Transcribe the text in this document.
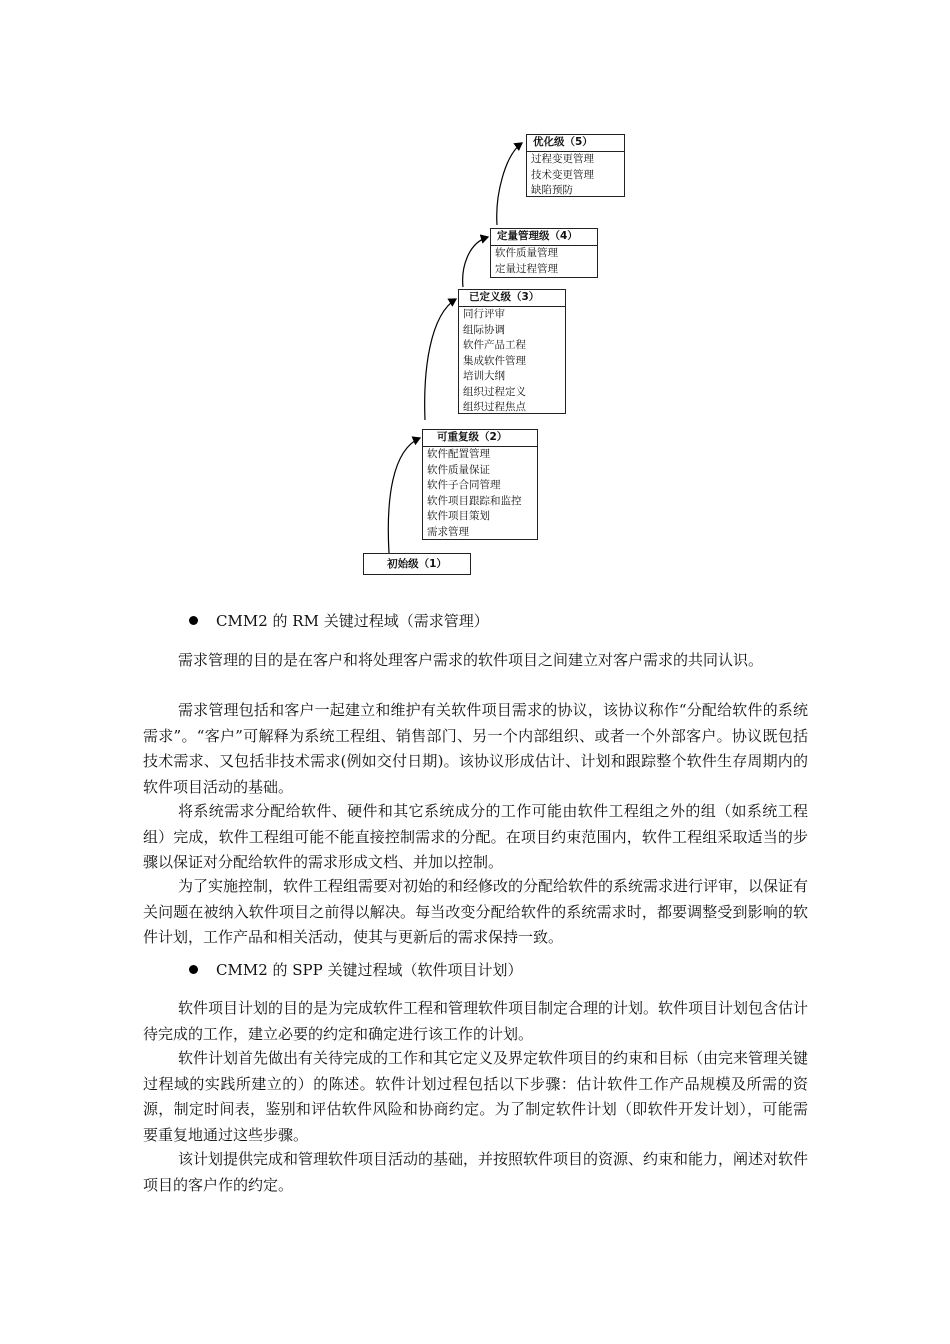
优化级（5）
过程变更管理
技术变更管理
缺陷预防
定量管理级（4）
软件质量管理
定量过程管理
已定义级（3）
同行评审
组际协调
软件产品工程
集成软件管理
培训大纲
组织过程定义
组织过程焦点
可重复级（2）
软件配置管理
软件质量保证
软件子合同管理
软件项目跟踪和监控
软件项目策划
需求管理
初始级（1）
CMM2 的 RM 关键过程域（需求管理）

需求管理的目的是在客户和将处理客户需求的软件项目之间建立对客户需求的共同认识。

需求管理包括和客户一起建立和维护有关软件项目需求的协议，该协议称作“分配给软件的系统需求”。“客户”可解释为系统工程组、销售部门、另一个内部组织、或者一个外部客户。协议既包括技术需求、又包括非技术需求(例如交付日期)。该协议形成估计、计划和跟踪整个软件生存周期内的软件项目活动的基础。

将系统需求分配给软件、硬件和其它系统成分的工作可能由软件工程组之外的组（如系统工程组）完成，软件工程组可能不能直接控制需求的分配。在项目约束范围内，软件工程组采取适当的步骤以保证对分配给软件的需求形成文档、并加以控制。

为了实施控制，软件工程组需要对初始的和经修改的分配给软件的系统需求进行评审，以保证有关问题在被纳入软件项目之前得以解决。每当改变分配给软件的系统需求时，都要调整受到影响的软件计划，工作产品和相关活动，使其与更新后的需求保持一致。

CMM2 的 SPP 关键过程域（软件项目计划）

软件项目计划的目的是为完成软件工程和管理软件项目制定合理的计划。软件项目计划包含估计待完成的工作，建立必要的约定和确定进行该工作的计划。

软件计划首先做出有关待完成的工作和其它定义及界定软件项目的约束和目标（由完来管理关键过程域的实践所建立的）的陈述。软件计划过程包括以下步骤：估计软件工作产品规模及所需的资源，制定时间表，鉴别和评估软件风险和协商约定。为了制定软件计划（即软件开发计划），可能需要重复地通过这些步骤。

该计划提供完成和管理软件项目活动的基础，并按照软件项目的资源、约束和能力，阐述对软件项目的客户作的约定。
